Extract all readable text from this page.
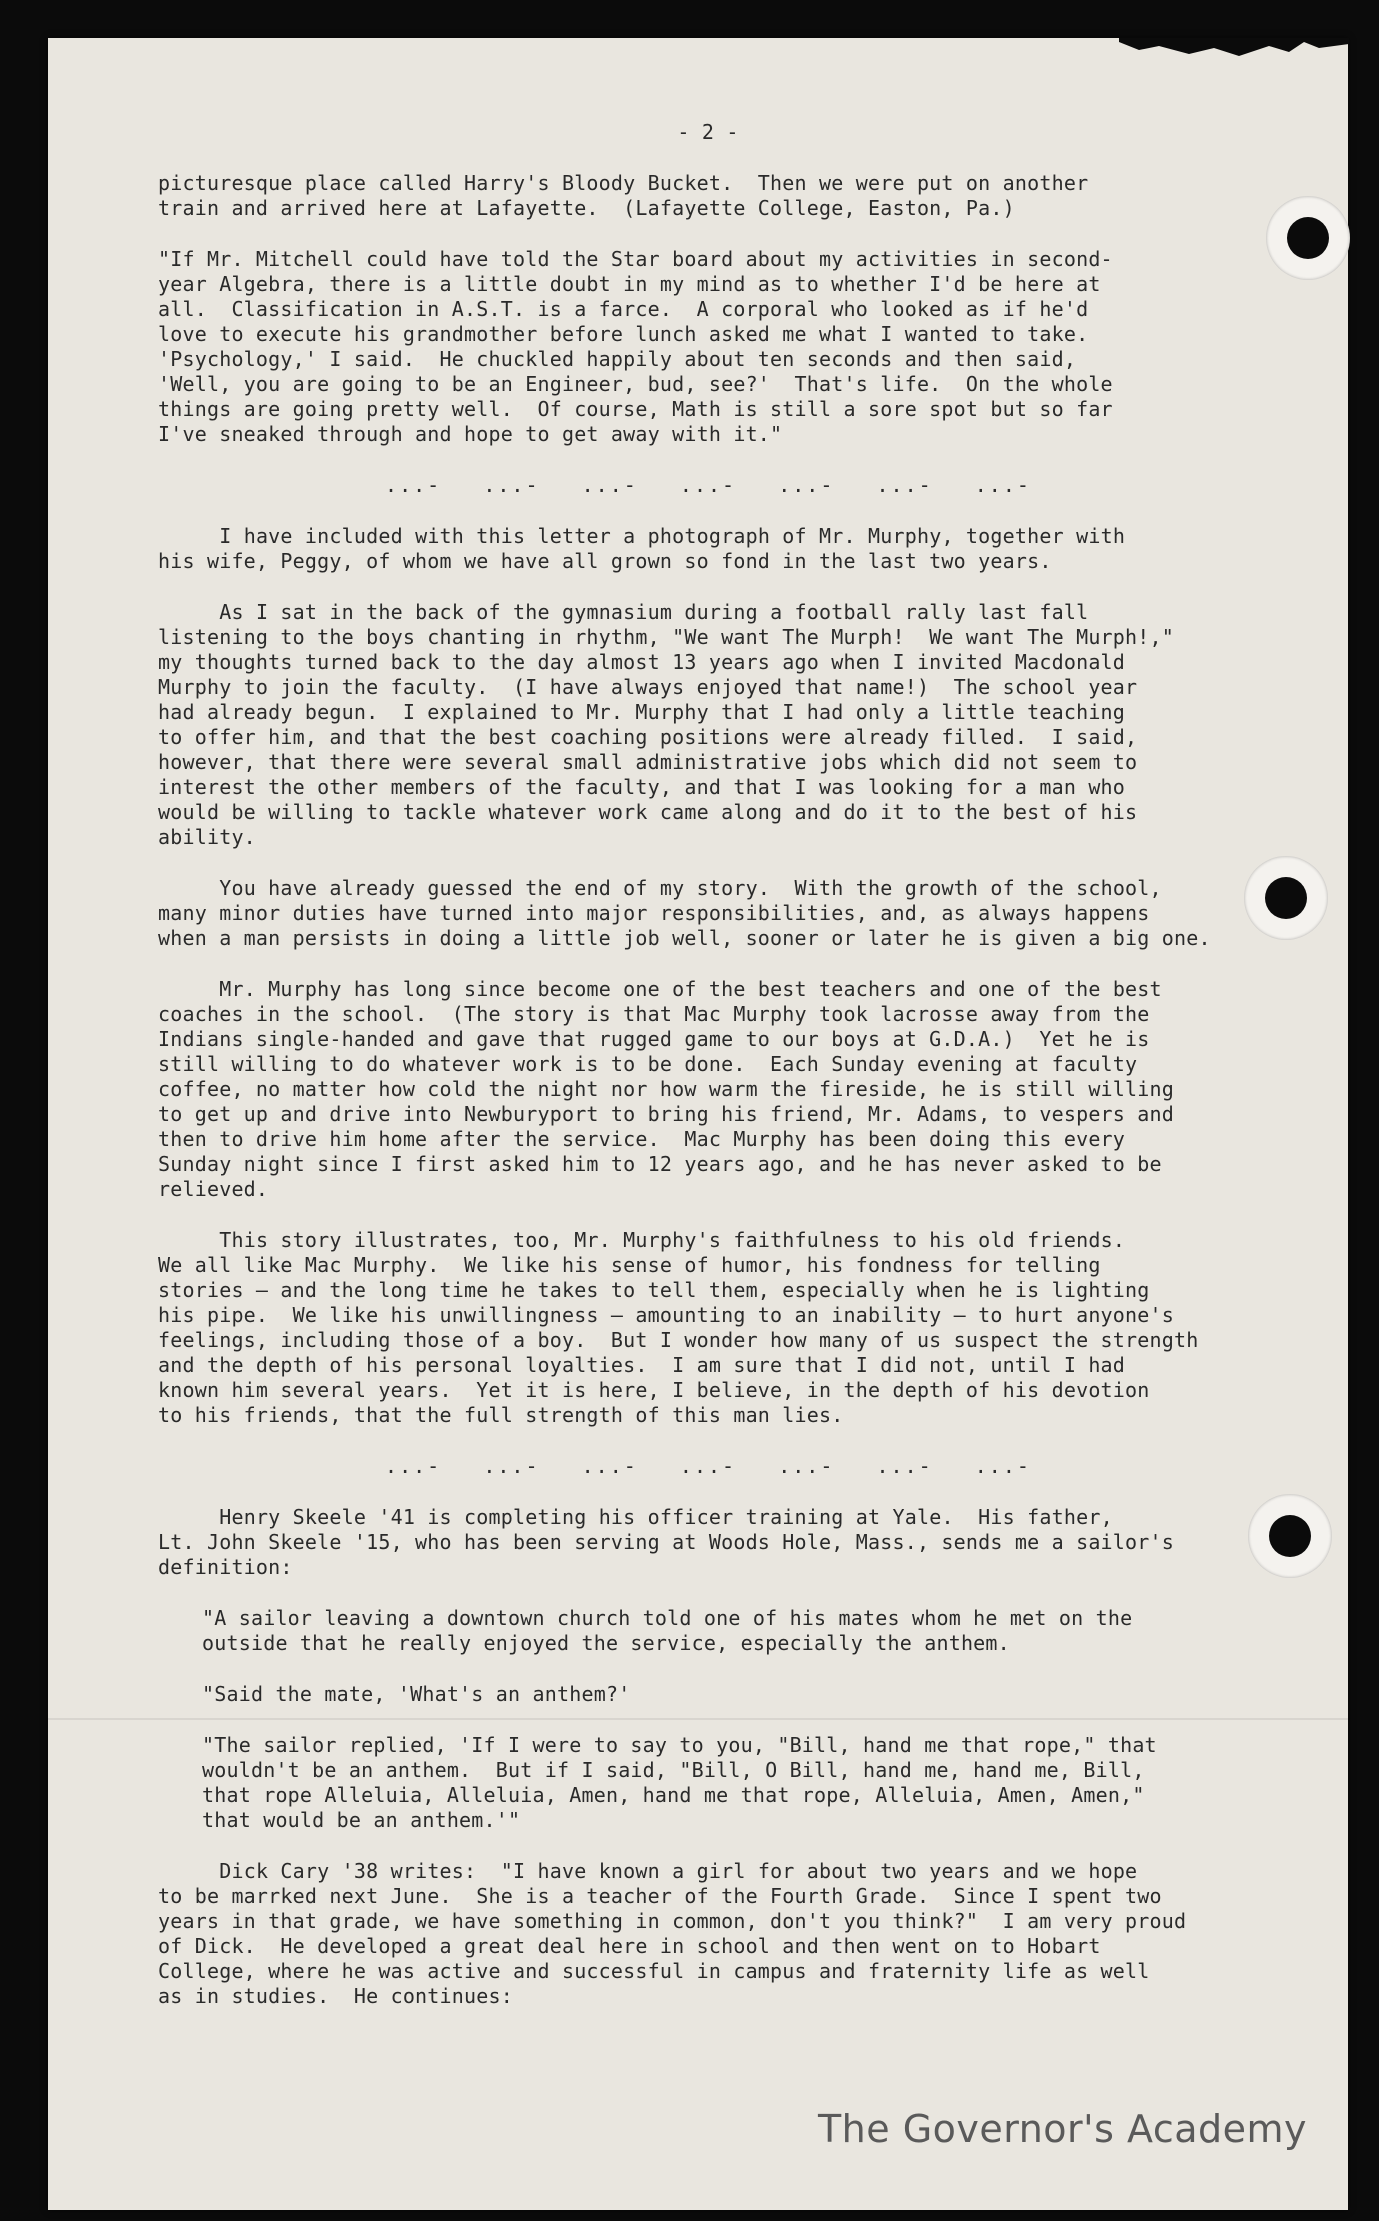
- 2 -

picturesque place called Harry's Bloody Bucket.  Then we were put on another
train and arrived here at Lafayette.  (Lafayette College, Easton, Pa.)

"If Mr. Mitchell could have told the Star board about my activities in second-
year Algebra, there is a little doubt in my mind as to whether I'd be here at
all.  Classification in A.S.T. is a farce.  A corporal who looked as if he'd
love to execute his grandmother before lunch asked me what I wanted to take.
'Psychology,' I said.  He chuckled happily about ten seconds and then said,
'Well, you are going to be an Engineer, bud, see?'  That's life.  On the whole
things are going pretty well.  Of course, Math is still a sore spot but so far
I've sneaked through and hope to get away with it."

...-   ...-   ...-   ...-   ...-   ...-   ...-

I have included with this letter a photograph of Mr. Murphy, together with
his wife, Peggy, of whom we have all grown so fond in the last two years.

As I sat in the back of the gymnasium during a football rally last fall
listening to the boys chanting in rhythm, "We want The Murph!  We want The Murph!,"
my thoughts turned back to the day almost 13 years ago when I invited Macdonald
Murphy to join the faculty.  (I have always enjoyed that name!)  The school year
had already begun.  I explained to Mr. Murphy that I had only a little teaching
to offer him, and that the best coaching positions were already filled.  I said,
however, that there were several small administrative jobs which did not seem to
interest the other members of the faculty, and that I was looking for a man who
would be willing to tackle whatever work came along and do it to the best of his
ability.

You have already guessed the end of my story.  With the growth of the school,
many minor duties have turned into major responsibilities, and, as always happens
when a man persists in doing a little job well, sooner or later he is given a big one.

Mr. Murphy has long since become one of the best teachers and one of the best
coaches in the school.  (The story is that Mac Murphy took lacrosse away from the
Indians single-handed and gave that rugged game to our boys at G.D.A.)  Yet he is
still willing to do whatever work is to be done.  Each Sunday evening at faculty
coffee, no matter how cold the night nor how warm the fireside, he is still willing
to get up and drive into Newburyport to bring his friend, Mr. Adams, to vespers and
then to drive him home after the service.  Mac Murphy has been doing this every
Sunday night since I first asked him to 12 years ago, and he has never asked to be
relieved.

This story illustrates, too, Mr. Murphy's faithfulness to his old friends.
We all like Mac Murphy.  We like his sense of humor, his fondness for telling
stories — and the long time he takes to tell them, especially when he is lighting
his pipe.  We like his unwillingness — amounting to an inability — to hurt anyone's
feelings, including those of a boy.  But I wonder how many of us suspect the strength
and the depth of his personal loyalties.  I am sure that I did not, until I had
known him several years.  Yet it is here, I believe, in the depth of his devotion
to his friends, that the full strength of this man lies.

...-   ...-   ...-   ...-   ...-   ...-   ...-

Henry Skeele '41 is completing his officer training at Yale.  His father,
Lt. John Skeele '15, who has been serving at Woods Hole, Mass., sends me a sailor's
definition:

"A sailor leaving a downtown church told one of his mates whom he met on the
outside that he really enjoyed the service, especially the anthem.

"Said the mate, 'What's an anthem?'

"The sailor replied, 'If I were to say to you, "Bill, hand me that rope," that
wouldn't be an anthem.  But if I said, "Bill, O Bill, hand me, hand me, Bill,
that rope Alleluia, Alleluia, Amen, hand me that rope, Alleluia, Amen, Amen,"
that would be an anthem.'"

Dick Cary '38 writes:  "I have known a girl for about two years and we hope
to be marrked next June.  She is a teacher of the Fourth Grade.  Since I spent two
years in that grade, we have something in common, don't you think?"  I am very proud
of Dick.  He developed a great deal here in school and then went on to Hobart
College, where he was active and successful in campus and fraternity life as well
as in studies.  He continues:

The Governor's Academy
